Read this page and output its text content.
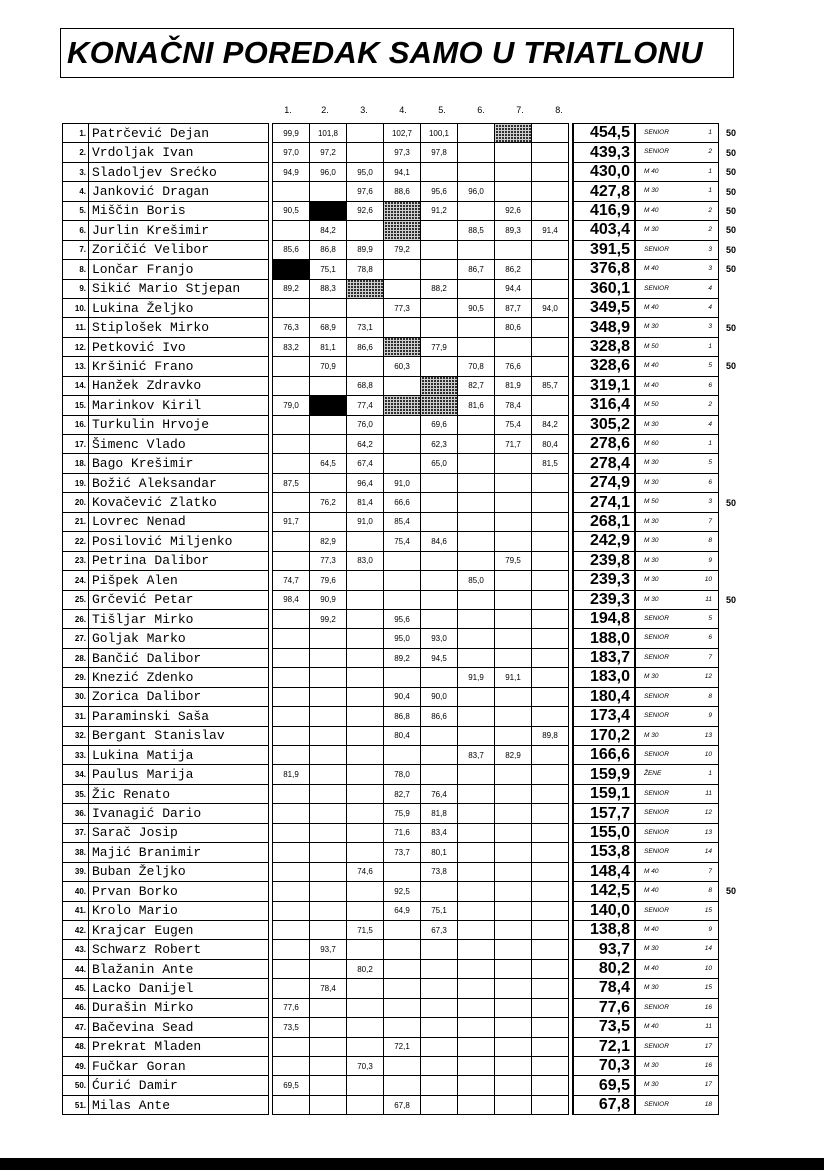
KONAČNI POREDAK SAMO U TRIATLONU
1.	2.	3.	4.	5.	6.	7.	8.
1.	Patrčević Dejan		99,9	101,8		102,7	100,1					454,5	SENIOR 1	50
2.	Vrdoljak Ivan		97,0	97,2		97,3	97,8					439,3	SENIOR 2	50
3.	Sladoljev Srećko		94,9	96,0	95,0	94,1						430,0	M 40 1	50
4.	Janković Dragan				97,6	88,6	95,6	96,0				427,8	M 30 1	50
5.	Miščin Boris		90,5		92,6		91,2		92,6			416,9	M 40 2	50
6.	Jurlin Krešimir			84,2				88,5	89,3	91,4		403,4	M 30 2	50
7.	Zoričić Velibor		85,6	86,8	89,9	79,2						391,5	SENIOR 3	50
8.	Lončar Franjo			75,1	78,8			86,7	86,2			376,8	M 40 3	50
9.	Sikić Mario Stjepan		89,2	88,3			88,2		94,4			360,1	SENIOR 4	

10.	Lukina Željko					77,3		90,5	87,7	94,0		349,5	M 40 4	

11.	Stiplošek Mirko		76,3	68,9	73,1				80,6			348,9	M 30 3	50
12.	Petković Ivo		83,2	81,1	86,6		77,9					328,8	M 50 1	

13.	Kršinić Frano			70,9		60,3		70,8	76,6			328,6	M 40 5	50
14.	Hanžek Zdravko				68,8			82,7	81,9	85,7		319,1	M 40 6	

15.	Marinkov Kiril		79,0		77,4			81,6	78,4			316,4	M 50 2	

16.	Turkulin Hrvoje				76,0		69,6		75,4	84,2		305,2	M 30 4	

17.	Šimenc Vlado				64,2		62,3		71,7	80,4		278,6	M 60 1	

18.	Bago Krešimir			64,5	67,4		65,0			81,5		278,4	M 30 5	

19.	Božić Aleksandar		87,5		96,4	91,0						274,9	M 30 6	

20.	Kovačević Zlatko			76,2	81,4	66,6						274,1	M 50 3	50
21.	Lovrec Nenad		91,7		91,0	85,4						268,1	M 30 7	

22.	Posilović Miljenko			82,9		75,4	84,6					242,9	M 30 8	

23.	Petrina Dalibor			77,3	83,0				79,5			239,8	M 30 9	

24.	Pišpek Alen		74,7	79,6				85,0				239,3	M 30 10	

25.	Grčević Petar		98,4	90,9								239,3	M 30 11	50
26.	Tišljar Mirko			99,2		95,6						194,8	SENIOR 5	

27.	Goljak Marko					95,0	93,0					188,0	SENIOR 6	

28.	Bančić Dalibor					89,2	94,5					183,7	SENIOR 7	

29.	Knezić Zdenko							91,9	91,1			183,0	M 30 12	

30.	Zorica Dalibor					90,4	90,0					180,4	SENIOR 8	

31.	Paraminski Saša					86,8	86,6					173,4	SENIOR 9	

32.	Bergant Stanislav					80,4				89,8		170,2	M 30 13	

33.	Lukina Matija							83,7	82,9			166,6	SENIOR 10	

34.	Paulus Marija		81,9			78,0						159,9	ŽENE 1	

35.	Žic Renato					82,7	76,4					159,1	SENIOR 11	

36.	Ivanagić Dario					75,9	81,8					157,7	SENIOR 12	

37.	Sarač Josip					71,6	83,4					155,0	SENIOR 13	

38.	Majić Branimir					73,7	80,1					153,8	SENIOR 14	

39.	Buban Željko				74,6		73,8					148,4	M 40 7	

40.	Prvan Borko					92,5						142,5	M 40 8	50
41.	Krolo Mario					64,9	75,1					140,0	SENIOR 15	

42.	Krajcar Eugen				71,5		67,3					138,8	M 40 9	

43.	Schwarz Robert			93,7								93,7	M 30 14	

44.	Blažanin Ante				80,2							80,2	M 40 10	

45.	Lacko Danijel			78,4								78,4	M 30 15	

46.	Durašin Mirko		77,6									77,6	SENIOR 16	

47.	Bačevina Sead		73,5									73,5	M 40 11	

48.	Prekrat Mladen					72,1						72,1	SENIOR 17	

49.	Fučkar Goran				70,3							70,3	M 30 16	

50.	Ćurić Damir		69,5									69,5	M 30 17	

51.	Milas Ante					67,8						67,8	SENIOR 18	
